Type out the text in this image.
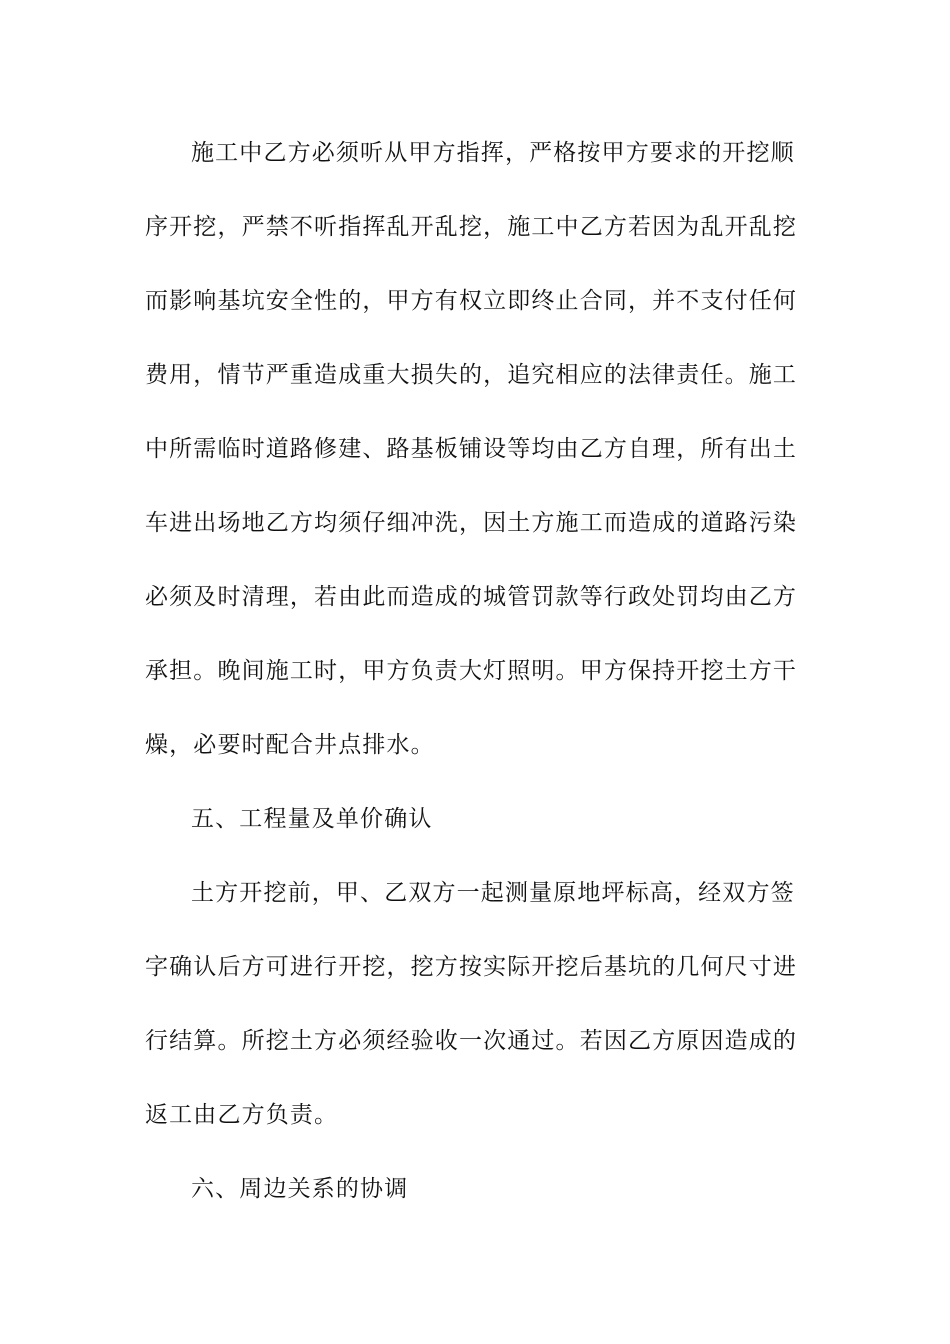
施工中乙方必须听从甲方指挥，严格按甲方要求的开挖顺
序开挖，严禁不听指挥乱开乱挖，施工中乙方若因为乱开乱挖
而影响基坑安全性的，甲方有权立即终止合同，并不支付任何
费用，情节严重造成重大损失的，追究相应的法律责任。施工
中所需临时道路修建、路基板铺设等均由乙方自理，所有出土
车进出场地乙方均须仔细冲洗，因土方施工而造成的道路污染
必须及时清理，若由此而造成的城管罚款等行政处罚均由乙方
承担。晚间施工时，甲方负责大灯照明。甲方保持开挖土方干
燥，必要时配合井点排水。
五、工程量及单价确认
土方开挖前，甲、乙双方一起测量原地坪标高，经双方签
字确认后方可进行开挖，挖方按实际开挖后基坑的几何尺寸进
行结算。所挖土方必须经验收一次通过。若因乙方原因造成的
返工由乙方负责。
六、周边关系的协调
